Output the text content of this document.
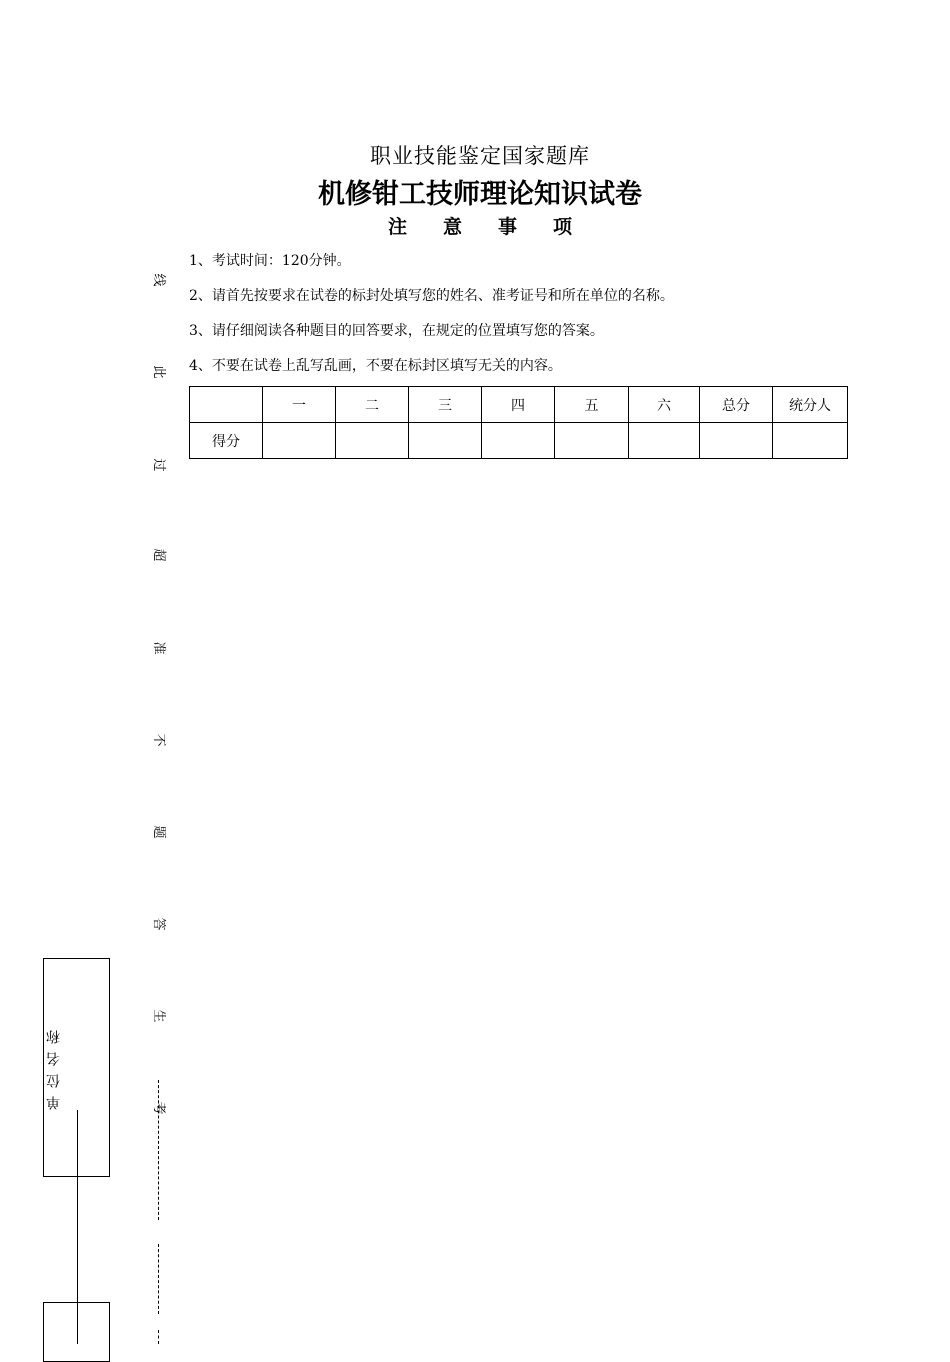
职业技能鉴定国家题库
机修钳工技师理论知识试卷
注意事项
1、考试时间：120分钟。
2、请首先按要求在试卷的标封处填写您的姓名、准考证号和所在单位的名称。
3、请仔细阅读各种题目的回答要求，在规定的位置填写您的答案。
4、不要在试卷上乱写乱画，不要在标封区填写无关的内容。
	一	二	三	四	五	六	总分	统分人
得分								
线
此
过
超
准
不
题
答
生
考
单位名称
